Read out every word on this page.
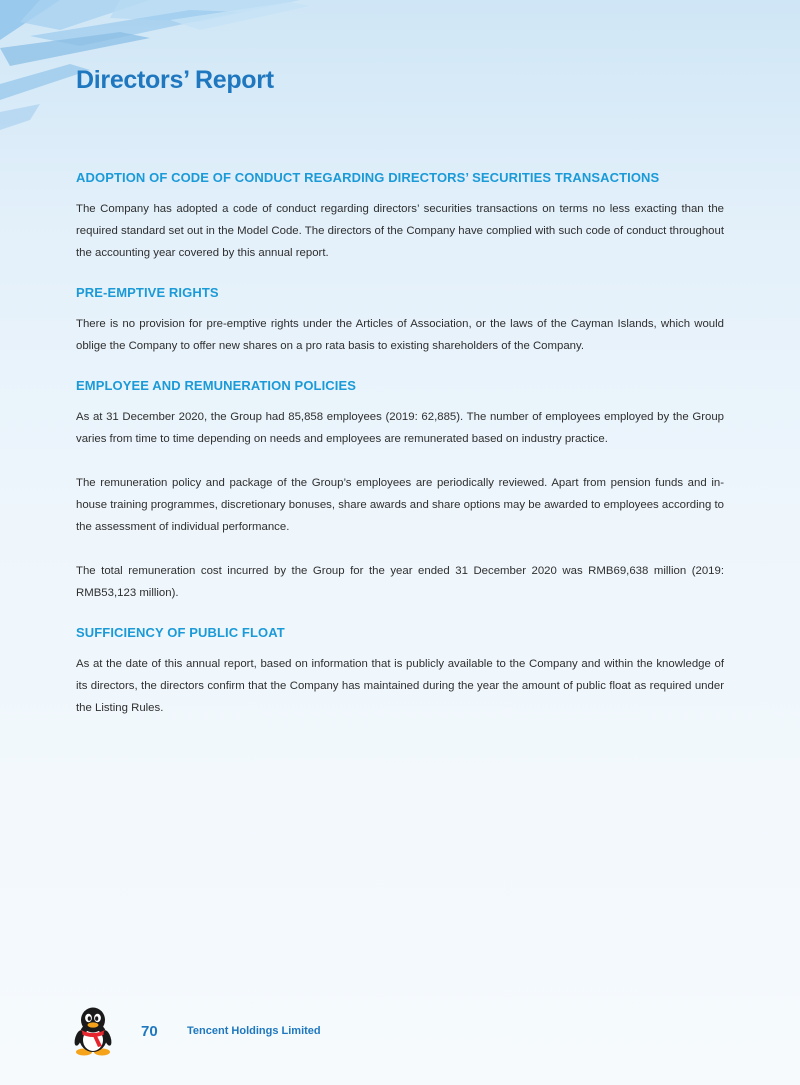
Directors’ Report
ADOPTION OF CODE OF CONDUCT REGARDING DIRECTORS’ SECURITIES TRANSACTIONS

The Company has adopted a code of conduct regarding directors’ securities transactions on terms no less exacting than the required standard set out in the Model Code. The directors of the Company have complied with such code of conduct throughout the accounting year covered by this annual report.

PRE-EMPTIVE RIGHTS

There is no provision for pre-emptive rights under the Articles of Association, or the laws of the Cayman Islands, which would oblige the Company to offer new shares on a pro rata basis to existing shareholders of the Company.

EMPLOYEE AND REMUNERATION POLICIES

As at 31 December 2020, the Group had 85,858 employees (2019: 62,885). The number of employees employed by the Group varies from time to time depending on needs and employees are remunerated based on industry practice.

The remuneration policy and package of the Group’s employees are periodically reviewed. Apart from pension funds and in-house training programmes, discretionary bonuses, share awards and share options may be awarded to employees according to the assessment of individual performance.

The total remuneration cost incurred by the Group for the year ended 31 December 2020 was RMB69,638 million (2019: RMB53,123 million).

SUFFICIENCY OF PUBLIC FLOAT

As at the date of this annual report, based on information that is publicly available to the Company and within the knowledge of its directors, the directors confirm that the Company has maintained during the year the amount of public float as required under the Listing Rules.

70	Tencent Holdings Limited
